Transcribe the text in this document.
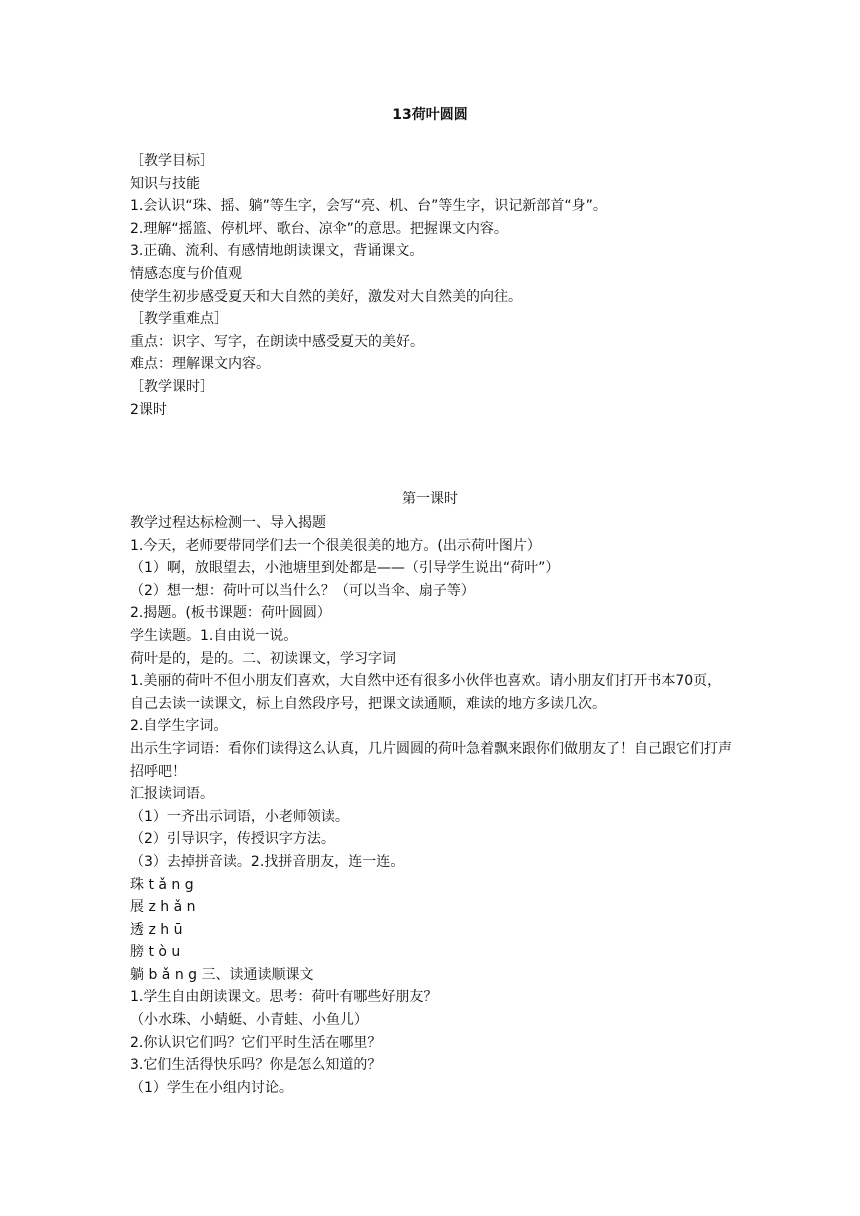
13荷叶圆圆
［教学目标］
知识与技能
1.会认识“珠、摇、躺”等生字，会写“亮、机、台”等生字，识记新部首“身”。
2.理解“摇篮、停机坪、歌台、凉伞”的意思。把握课文内容。
3.正确、流利、有感情地朗读课文，背诵课文。
情感态度与价值观
使学生初步感受夏天和大自然的美好，激发对大自然美的向往。
［教学重难点］
重点：识字、写字，在朗读中感受夏天的美好。
难点：理解课文内容。
［教学课时］
2课时
第一课时
教学过程达标检测一、导入揭题
1.今天，老师要带同学们去一个很美很美的地方。(出示荷叶图片）
（1）啊，放眼望去，小池塘里到处都是——（引导学生说出“荷叶”）
（2）想一想：荷叶可以当什么？（可以当伞、扇子等）
2.揭题。(板书课题：荷叶圆圆）
学生读题。1.自由说一说。
荷叶是的，是的。二、初读课文，学习字词
1.美丽的荷叶不但小朋友们喜欢，大自然中还有很多小伙伴也喜欢。请小朋友们打开书本70页，自己去读一读课文，标上自然段序号，把课文读通顺，难读的地方多读几次。
2.自学生字词。
出示生字词语：看你们读得这么认真，几片圆圆的荷叶急着飘来跟你们做朋友了！自己跟它们打声招呼吧！
汇报读词语。
（1）一齐出示词语，小老师领读。
（2）引导识字，传授识字方法。
（3）去掉拼音读。2.找拼音朋友，连一连。
珠 t ǎ n g
展 z h ǎ n
透 z h ū
膀 t ò u
躺 b ǎ n g 三、读通读顺课文
1.学生自由朗读课文。思考：荷叶有哪些好朋友？
（小水珠、小蜻蜓、小青蛙、小鱼儿）
2.你认识它们吗？它们平时生活在哪里？
3.它们生活得快乐吗？你是怎么知道的？
（1）学生在小组内讨论。
